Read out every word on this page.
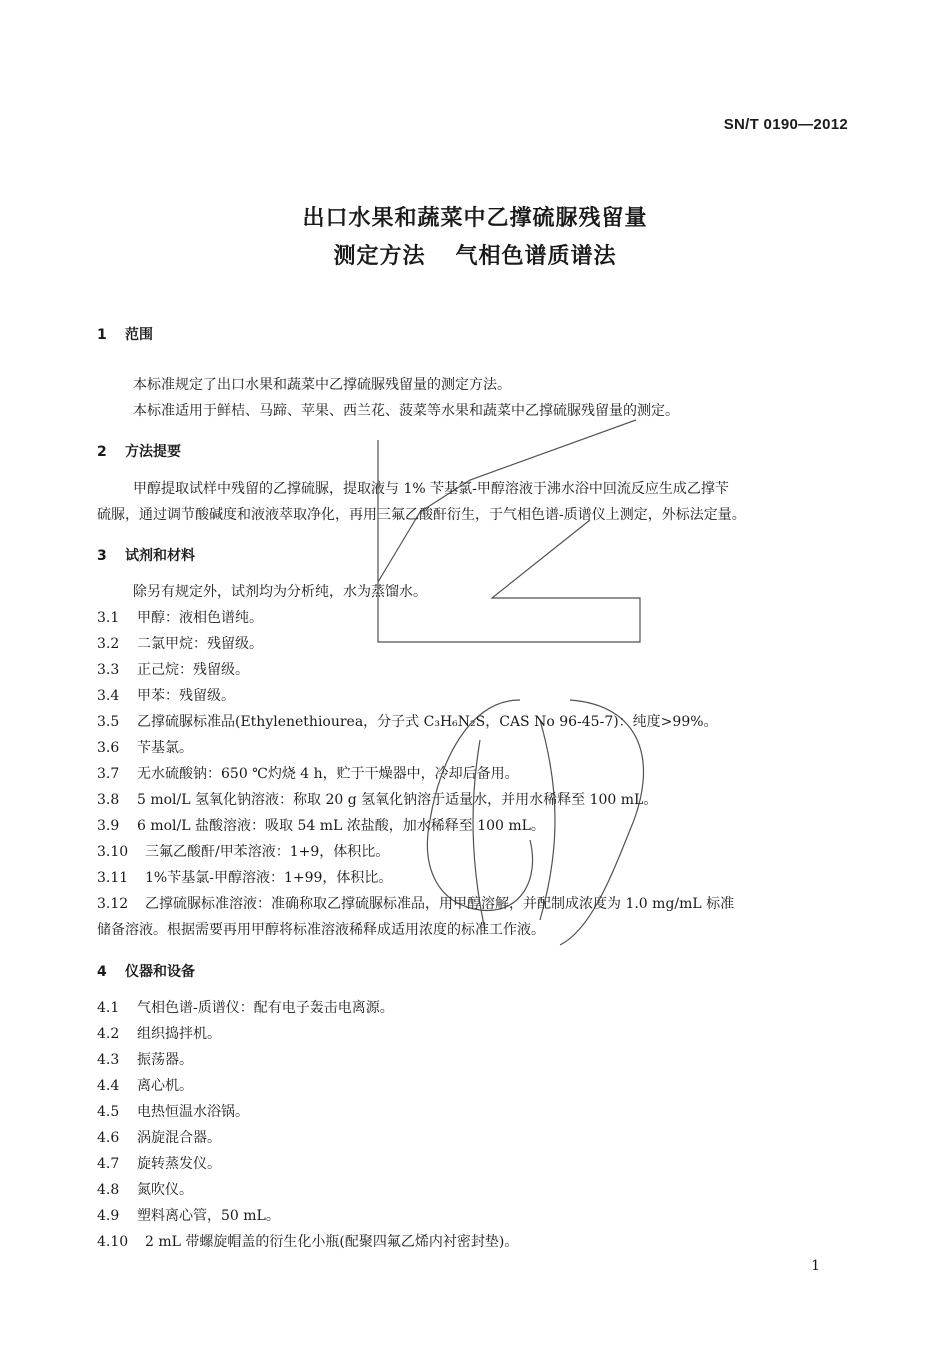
SN/T 0190—2012
出口水果和蔬菜中乙撑硫脲残留量
测定方法 气相色谱质谱法
1 范围
本标准规定了出口水果和蔬菜中乙撑硫脲残留量的测定方法。
本标准适用于鲜桔、马蹄、苹果、西兰花、菠菜等水果和蔬菜中乙撑硫脲残留量的测定。
2 方法提要
甲醇提取试样中残留的乙撑硫脲，提取液与 1% 苄基氯-甲醇溶液于沸水浴中回流反应生成乙撑苄
硫脲，通过调节酸碱度和液液萃取净化，再用三氟乙酸酐衍生，于气相色谱-质谱仪上测定，外标法定量。
3 试剂和材料
除另有规定外，试剂均为分析纯，水为蒸馏水。
3.1 甲醇：液相色谱纯。
3.2 二氯甲烷：残留级。
3.3 正己烷：残留级。
3.4 甲苯：残留级。
3.5 乙撑硫脲标准品(Ethylenethiourea，分子式 C₃H₆N₂S，CAS No 96-45-7)：纯度>99%。
3.6 苄基氯。
3.7 无水硫酸钠：650 ℃灼烧 4 h，贮于干燥器中，冷却后备用。
3.8 5 mol/L 氢氧化钠溶液：称取 20 g 氢氧化钠溶于适量水，并用水稀释至 100 mL。
3.9 6 mol/L 盐酸溶液：吸取 54 mL 浓盐酸，加水稀释至 100 mL。
3.10 三氟乙酸酐/甲苯溶液：1+9，体积比。
3.11 1%苄基氯-甲醇溶液：1+99，体积比。
3.12 乙撑硫脲标准溶液：准确称取乙撑硫脲标准品，用甲醇溶解，并配制成浓度为 1.0 mg/mL 标准
储备溶液。根据需要再用甲醇将标准溶液稀释成适用浓度的标准工作液。
4 仪器和设备
4.1 气相色谱-质谱仪：配有电子轰击电离源。
4.2 组织捣拌机。
4.3 振荡器。
4.4 离心机。
4.5 电热恒温水浴锅。
4.6 涡旋混合器。
4.7 旋转蒸发仪。
4.8 氮吹仪。
4.9 塑料离心管，50 mL。
4.10 2 mL 带螺旋帽盖的衍生化小瓶(配聚四氟乙烯内衬密封垫)。
1
